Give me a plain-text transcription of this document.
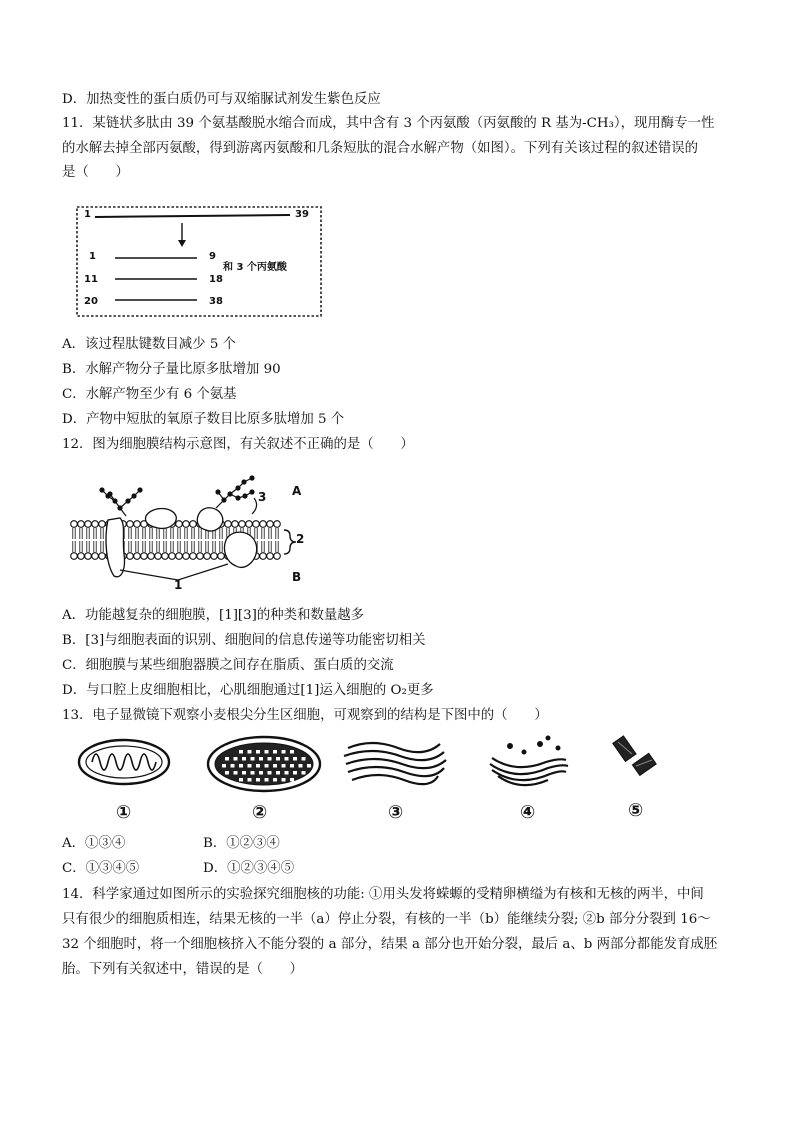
D．加热变性的蛋白质仍可与双缩脲试剂发生紫色反应
11．某链状多肽由 39 个氨基酸脱水缩合而成，其中含有 3 个丙氨酸（丙氨酸的 R 基为-CH₃），现用酶专一性
的水解去掉全部丙氨酸，得到游离丙氨酸和几条短肽的混合水解产物（如图）。下列有关该过程的叙述错误的
是（　　）
1	39
1	9
和 3 个丙氨酸
11	18
20	38
A．该过程肽键数目减少 5 个
B．水解产物分子量比原多肽增加 90
C．水解产物至少有 6 个氨基
D．产物中短肽的氧原子数目比原多肽增加 5 个
12．图为细胞膜结构示意图，有关叙述不正确的是（　　）
3 A
2
1
B
A．功能越复杂的细胞膜，[1][3]的种类和数量越多
B．[3]与细胞表面的识别、细胞间的信息传递等功能密切相关
C．细胞膜与某些细胞器膜之间存在脂质、蛋白质的交流
D．与口腔上皮细胞相比，心肌细胞通过[1]运入细胞的 O₂更多
13．电子显微镜下观察小麦根尖分生区细胞，可观察到的结构是下图中的（　　）
①	②	③	④	⑤
A．①③④	B．①②③④
C．①③④⑤	D．①②③④⑤
14．科学家通过如图所示的实验探究细胞核的功能: ①用头发将蝾螈的受精卵横缢为有核和无核的两半，中间
只有很少的细胞质相连，结果无核的一半（a）停止分裂，有核的一半（b）能继续分裂; ②b 部分分裂到 16～
32 个细胞时，将一个细胞核挤入不能分裂的 a 部分，结果 a 部分也开始分裂，最后 a、b 两部分都能发育成胚
胎。下列有关叙述中，错误的是（　　）
